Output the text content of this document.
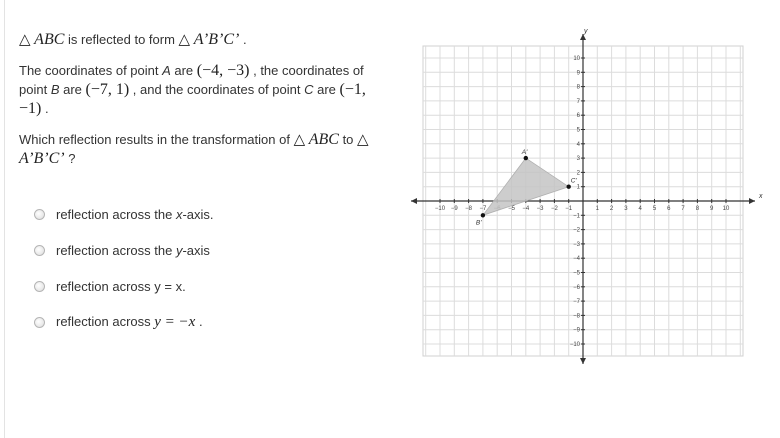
△ ABC is reflected to form △ A’B’C’ .

The coordinates of point A are (−4, −3) , the coordinates of point B are (−7, 1) , and the coordinates of point C are (−1, −1) .

Which reflection results in the transformation of △ ABC to △ A’B’C’ ?

reflection across the x-axis.
reflection across the y-axis
reflection across y = x.
reflection across y = −x .
x
y
−10
−10
−9
−9
−8
−8
−7
−7
−6
−5
−5
−4
−4
−3
−3
−2
−2
−1
−1
1
1
2
2
3
3
4
4
5
5
6
6
7
7
8
8
9
9
10
10
A'
C'
B'
